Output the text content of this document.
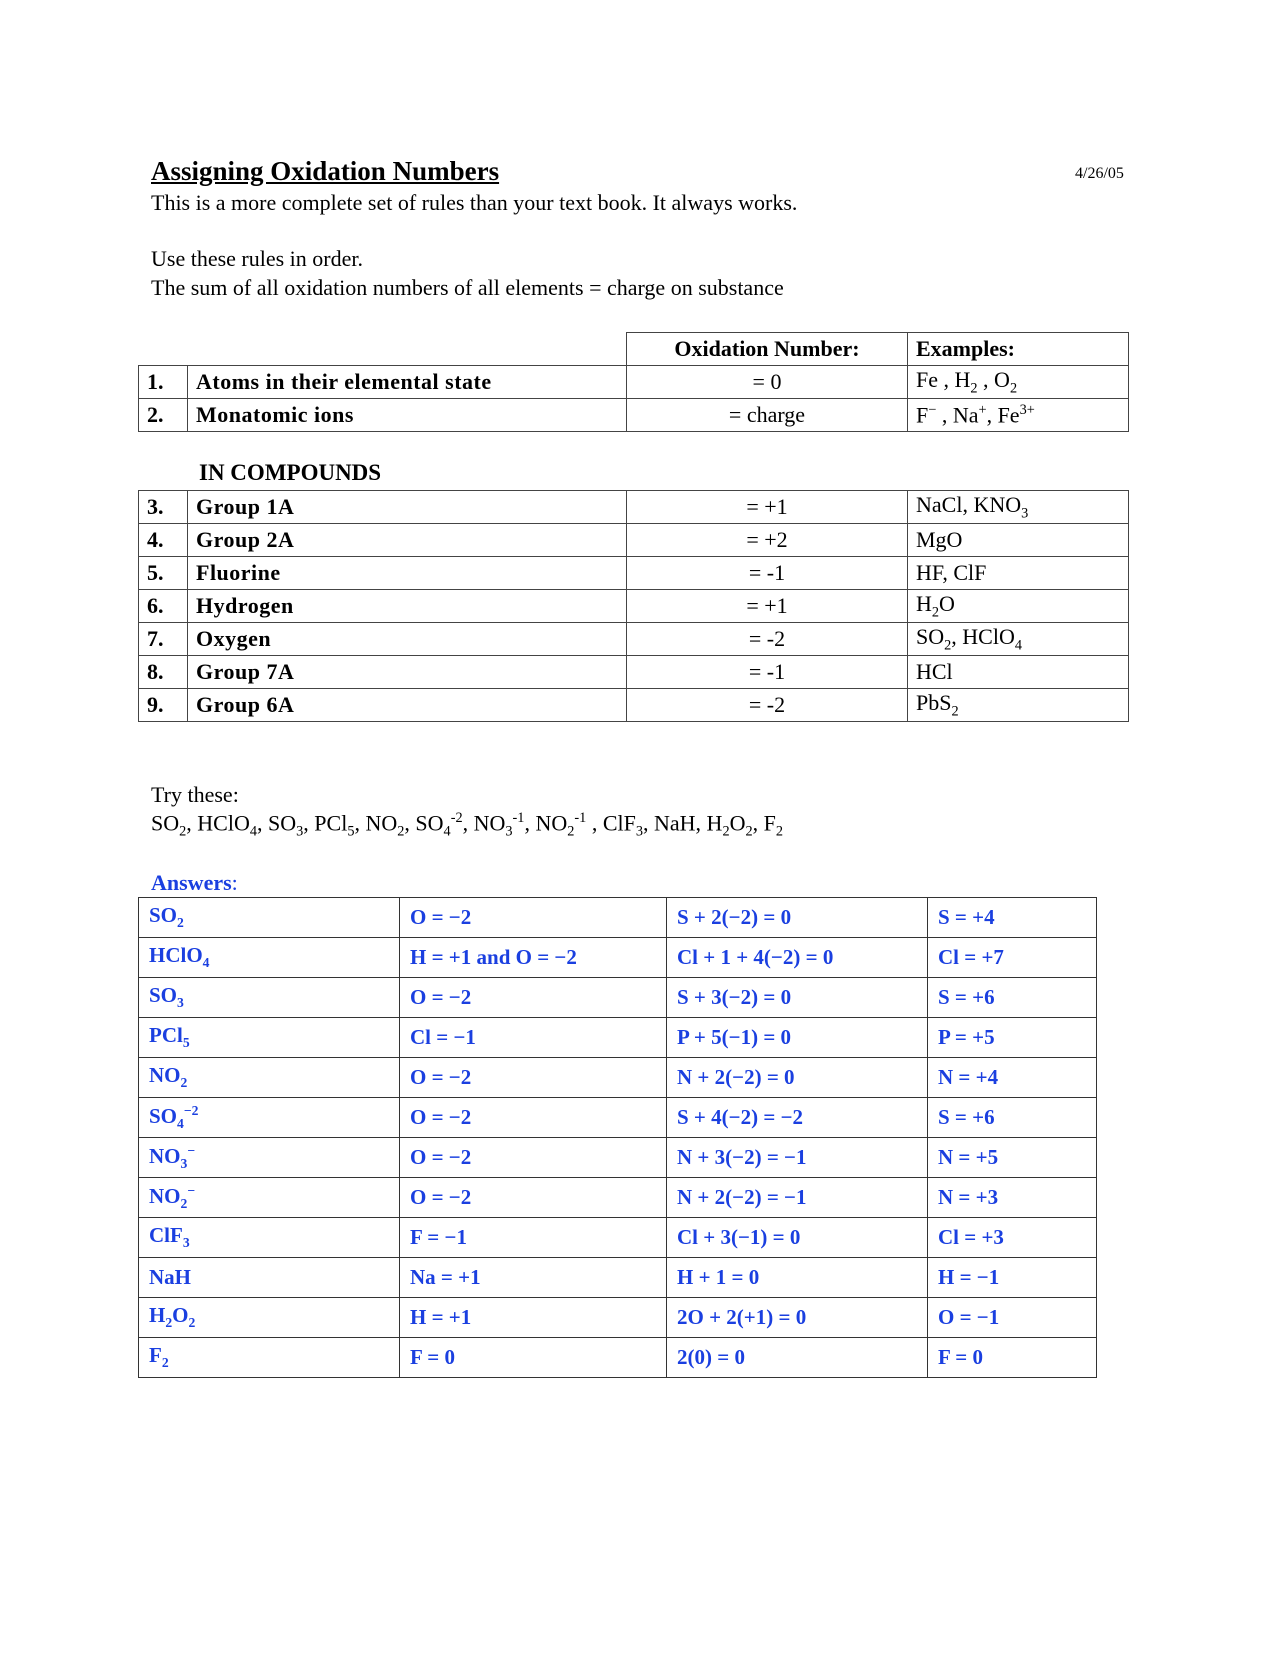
Assigning Oxidation Numbers	4/26/05
This is a more complete set of rules than your text book. It always works.
Use these rules in order.
The sum of all oxidation numbers of all elements = charge on substance
		Oxidation Number:	Examples:
1.	Atoms in their elemental state	= 0	Fe , $H_2$ , $O_2$
2.	Monatomic ions	= charge	F− , Na+, $Fe^{3+}$
IN COMPOUNDS
3.	Group 1A	= +1	NaCl, $KNO_3$
4.	Group 2A	= +2	MgO
5.	Fluorine	= -1	HF, ClF
6.	Hydrogen	= +1	$H_2O$
7.	Oxygen	= -2	$SO_2$, HClO$_4$
8.	Group 7A	= -1	HCl
9.	Group 6A	= -2	PbS$_2$
Try these:
$SO_2$, HClO$_4$, $SO_3$, PCl$_5$, $NO_2$, $SO_4^{-2}$, $NO_3^{-1}$, $NO_2^{-1}$ , ClF$_3$, NaH, $H_2O_2$, $F_2$
Answers:
$SO_2$	O = −2	S + 2(−2) = 0	S = +4
HClO$_4$	H = +1 and O = −2	Cl + 1 + 4(−2) = 0	Cl = +7
$SO_3$	O = −2	S + 3(−2) = 0	S = +6
PCl$_5$	Cl = −1	P + 5(−1) = 0	P = +5
$NO_2$	O = −2	N + 2(−2) = 0	N = +4
$SO_4^{-2}$	O = −2	S + 4(−2) = −2	S = +6
$NO_3^-$	O = −2	N + 3(−2) = −1	N = +5
$NO_2^-$	O = −2	N + 2(−2) = −1	N = +3
ClF$_3$	F = −1	Cl + 3(−1) = 0	Cl = +3
NaH	Na = +1	H + 1 = 0	H = −1
$H_2O_2$	H = +1	2O + 2(+1) = 0	O = −1
$F_2$	F = 0	2(0) = 0	F = 0
